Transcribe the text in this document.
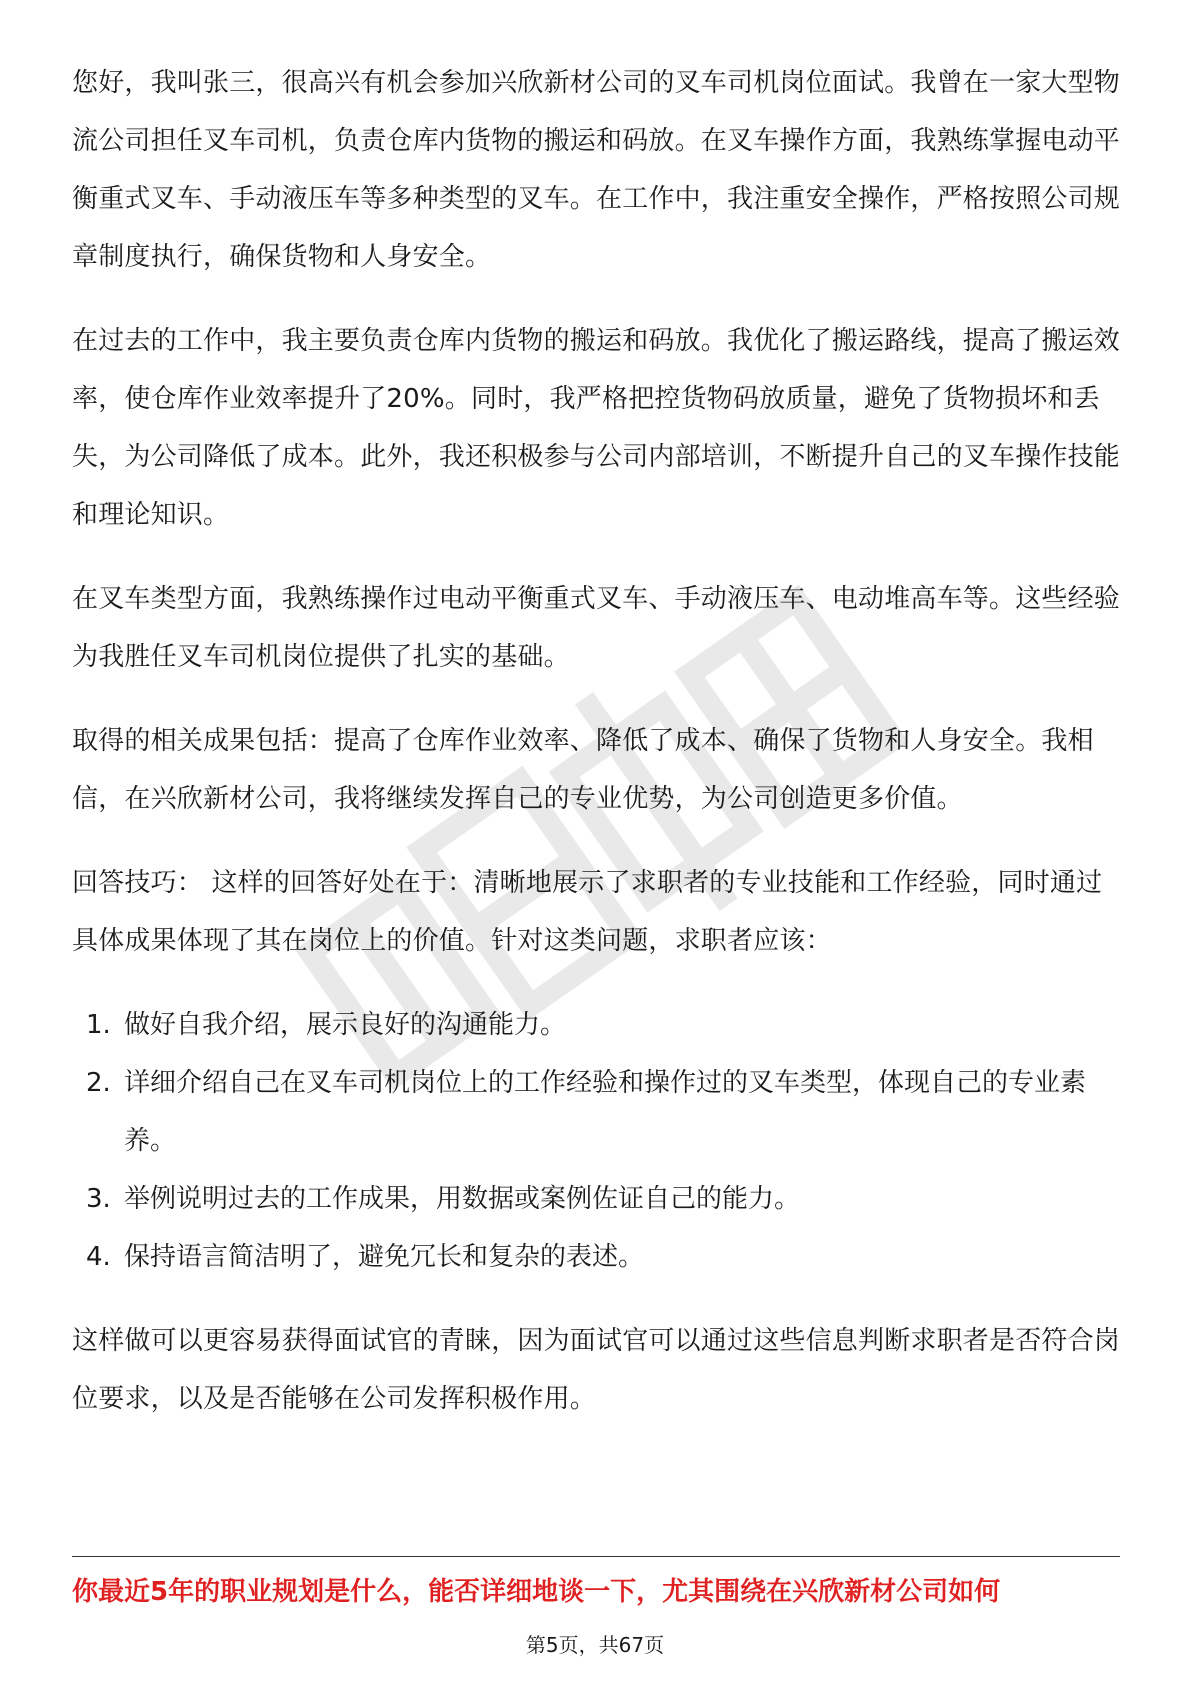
您好，我叫张三，很高兴有机会参加兴欣新材公司的叉车司机岗位面试。我曾在一家大型物流公司担任叉车司机，负责仓库内货物的搬运和码放。在叉车操作方面，我熟练掌握电动平衡重式叉车、手动液压车等多种类型的叉车。在工作中，我注重安全操作，严格按照公司规章制度执行，确保货物和人身安全。

在过去的工作中，我主要负责仓库内货物的搬运和码放。我优化了搬运路线，提高了搬运效率，使仓库作业效率提升了20%。同时，我严格把控货物码放质量，避免了货物损坏和丢失，为公司降低了成本。此外，我还积极参与公司内部培训，不断提升自己的叉车操作技能和理论知识。

在叉车类型方面，我熟练操作过电动平衡重式叉车、手动液压车、电动堆高车等。这些经验为我胜任叉车司机岗位提供了扎实的基础。

取得的相关成果包括：提高了仓库作业效率、降低了成本、确保了货物和人身安全。我相信，在兴欣新材公司，我将继续发挥自己的专业优势，为公司创造更多价值。

回答技巧： 这样的回答好处在于：清晰地展示了求职者的专业技能和工作经验，同时通过具体成果体现了其在岗位上的价值。针对这类问题，求职者应该：

1. 做好自我介绍，展示良好的沟通能力。
2. 详细介绍自己在叉车司机岗位上的工作经验和操作过的叉车类型，体现自己的专业素养。
3. 举例说明过去的工作成果，用数据或案例佐证自己的能力。
4. 保持语言简洁明了，避免冗长和复杂的表述。

这样做可以更容易获得面试官的青睐，因为面试官可以通过这些信息判断求职者是否符合岗位要求，以及是否能够在公司发挥积极作用。

你最近5年的职业规划是什么，能否详细地谈一下，尤其围绕在兴欣新材公司如何
第5页，共67页
